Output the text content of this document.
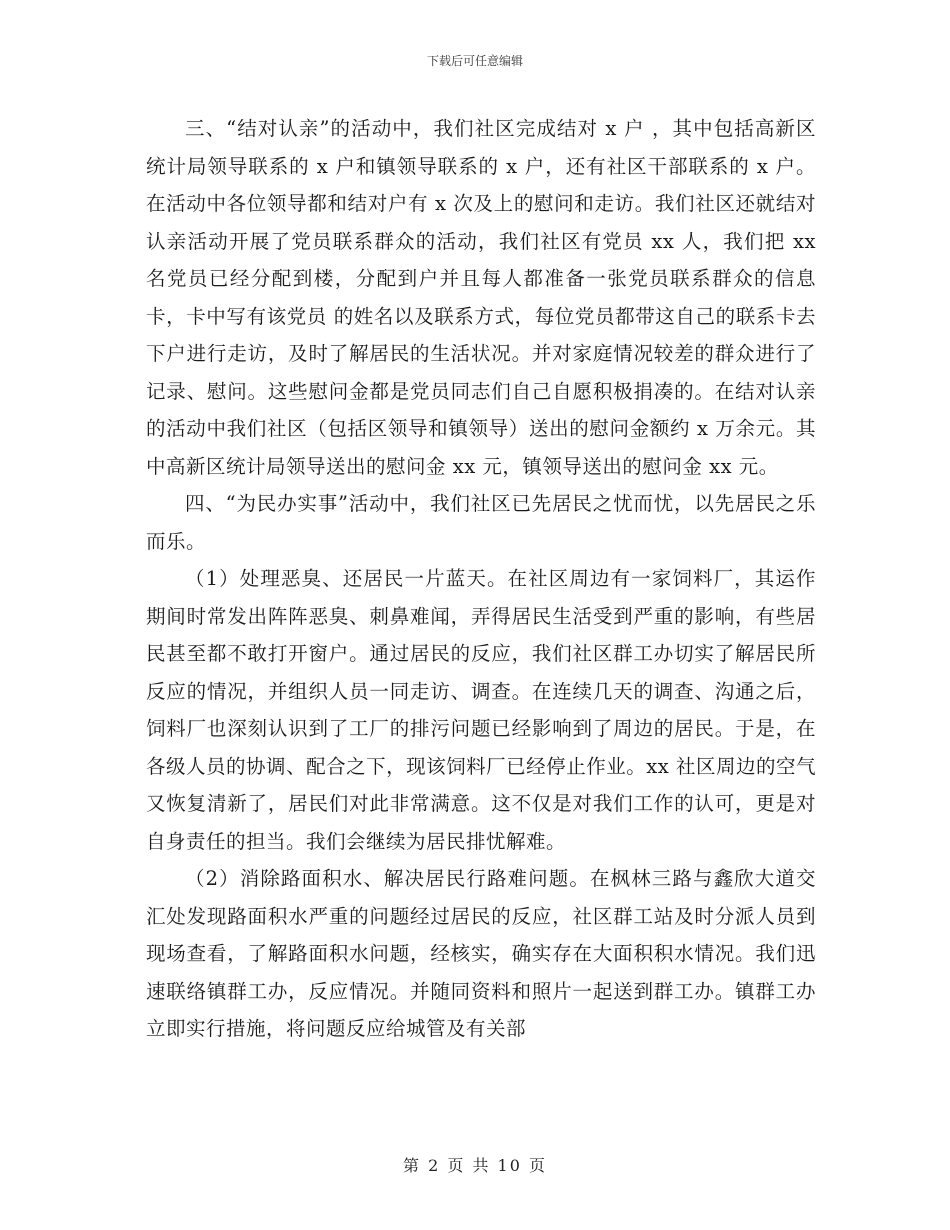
下载后可任意编辑

三、“结对认亲”的活动中，我们社区完成结对 x 户 ，其中包括高新区统计局领导联系的 x 户和镇领导联系的 x 户，还有社区干部联系的 x 户。在活动中各位领导都和结对户有 x 次及上的慰问和走访。我们社区还就结对认亲活动开展了党员联系群众的活动，我们社区有党员 xx 人，我们把 xx 名党员已经分配到楼，分配到户并且每人都准备一张党员联系群众的信息卡，卡中写有该党员 的姓名以及联系方式，每位党员都带这自己的联系卡去下户进行走访，及时了解居民的生活状况。并对家庭情况较差的群众进行了记录、慰问。这些慰问金都是党员同志们自己自愿积极捐凑的。在结对认亲的活动中我们社区（包括区领导和镇领导）送出的慰问金额约 x 万余元。其中高新区统计局领导送出的慰问金 xx 元，镇领导送出的慰问金 xx 元。

四、“为民办实事”活动中，我们社区已先居民之忧而忧，以先居民之乐而乐。

（1）处理恶臭、还居民一片蓝天。在社区周边有一家饲料厂，其运作期间时常发出阵阵恶臭、刺鼻难闻，弄得居民生活受到严重的影响，有些居民甚至都不敢打开窗户。通过居民的反应，我们社区群工办切实了解居民所反应的情况，并组织人员一同走访、调查。在连续几天的调查、沟通之后，饲料厂也深刻认识到了工厂的排污问题已经影响到了周边的居民。于是，在各级人员的协调、配合之下，现该饲料厂已经停止作业。xx 社区周边的空气又恢复清新了，居民们对此非常满意。这不仅是对我们工作的认可，更是对自身责任的担当。我们会继续为居民排忧解难。

（2）消除路面积水、解决居民行路难问题。在枫林三路与鑫欣大道交汇处发现路面积水严重的问题经过居民的反应，社区群工站及时分派人员到现场查看，了解路面积水问题，经核实，确实存在大面积积水情况。我们迅速联络镇群工办，反应情况。并随同资料和照片一起送到群工办。镇群工办立即实行措施，将问题反应给城管及有关部

第 2 页 共 10 页
